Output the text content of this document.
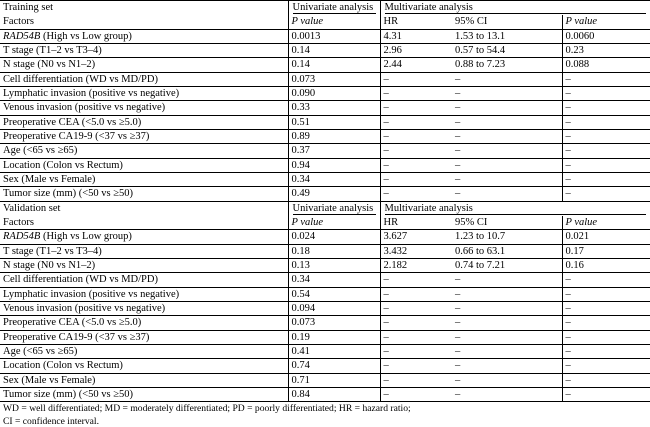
Training set	Univariate analysis	Multivariate analysis		

Factors	P value	HR	95% CI	P value
RAD54B (High vs Low group)	0.0013	4.31	1.53 to 13.1	0.0060
T stage (T1–2 vs T3–4)	0.14	2.96	0.57 to 54.4	0.23
N stage (N0 vs N1–2)	0.14	2.44	0.88 to 7.23	0.088
Cell differentiation (WD vs MD/PD)	0.073	–	–	–
Lymphatic invasion (positive vs negative)	0.090	–	–	–
Venous invasion (positive vs negative)	0.33	–	–	–
Preoperative CEA (<5.0 vs ≥5.0)	0.51	–	–	–
Preoperative CA19-9 (<37 vs ≥37)	0.89	–	–	–
Age (<65 vs ≥65)	0.37	–	–	–
Location (Colon vs Rectum)	0.94	–	–	–
Sex (Male vs Female)	0.34	–	–	–
Tumor size (mm) (<50 vs ≥50)	0.49	–	–	–
Validation set	Univariate analysis	Multivariate analysis		

Factors	P value	HR	95% CI	P value
RAD54B (High vs Low group)	0.024	3.627	1.23 to 10.7	0.021
T stage (T1–2 vs T3–4)	0.18	3.432	0.66 to 63.1	0.17
N stage (N0 vs N1–2)	0.13	2.182	0.74 to 7.21	0.16
Cell differentiation (WD vs MD/PD)	0.34	–	–	–
Lymphatic invasion (positive vs negative)	0.54	–	–	–
Venous invasion (positive vs negative)	0.094	–	–	–
Preoperative CEA (<5.0 vs ≥5.0)	0.073	–	–	–
Preoperative CA19-9 (<37 vs ≥37)	0.19	–	–	–
Age (<65 vs ≥65)	0.41	–	–	–
Location (Colon vs Rectum)	0.74	–	–	–
Sex (Male vs Female)	0.71	–	–	–
Tumor size (mm) (<50 vs ≥50)	0.84	–	–	–
WD = well differentiated; MD = moderately differentiated; PD = poorly differentiated; HR = hazard ratio;
CI = confidence interval.
